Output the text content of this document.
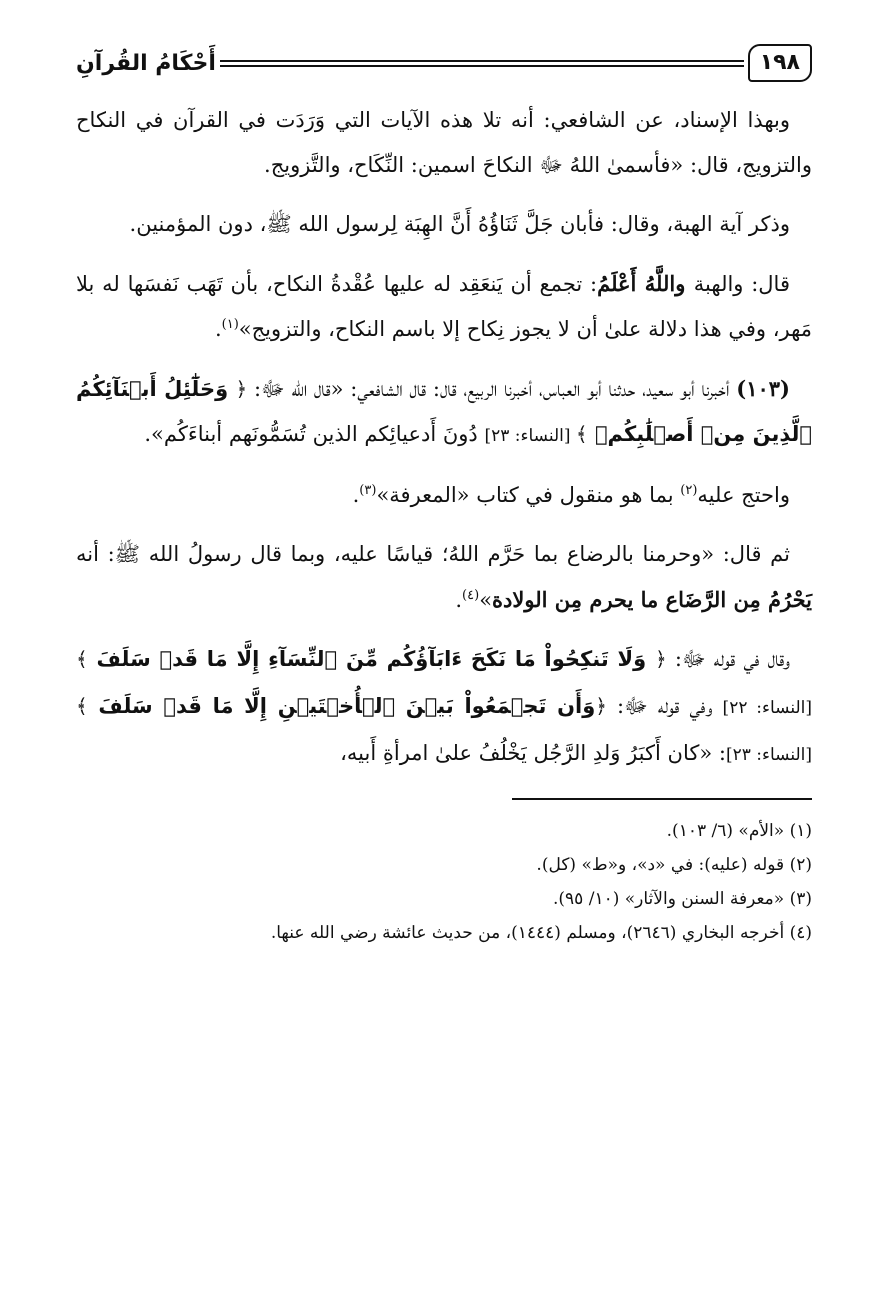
١٩٨
أَحْكَامُ القُرآنِ

وبهذا الإسناد، عن الشافعي: أنه تلا هذه الآيات التي وَرَدَت في القرآن في النكاح والتزويج، قال: «فأسمىٰ اللهُ ﷻ النكاحَ اسمين: النِّكَاح، والتَّزويج.

وذكر آية الهبة، وقال: فأبان جَلَّ ثَنَاؤُهُ أَنَّ الهِبَة لِرسول الله ﷺ، دون المؤمنين.

قال: والهبة واللَّهُ أَعْلَمُ: تجمع أن يَنعَقِد له عليها عُقْدةُ النكاح، بأن تَهَب نَفسَها له بلا مَهر، وفي هذا دلالة علىٰ أن لا يجوز نِكاح إلا باسم النكاح، والتزويج»$^{(١)}$.

(١٠٣) أخبرنا أبو سعيد، حدثنا أبو العباس، أخبرنا الربيع، قال: قال الشافعي: «قال الله ﷻ: ﴿ وَحَلَٰٓئِلُ أَبۡنَآئِكُمُ ٱلَّذِينَ مِنۡ أَصۡلَٰبِكُمۡ ﴾ [النساء: ٢٣] دُونَ أَدعيائِكم الذين تُسَمُّونَهم أبناءَكُم».

واحتج عليه$^{(٢)}$ بما هو منقول في كتاب «المعرفة»$^{(٣)}$.

ثم قال: «وحرمنا بالرضاع بما حَرَّم اللهُ؛ قياسًا عليه، وبما قال رسولُ الله ﷺ: أنه يَحْرُمُ مِن الرَّضَاع ما يحرم مِن الولادة»$^{(٤)}$.

وقال في قوله ﷻ: ﴿ وَلَا تَنكِحُواْ مَا نَكَحَ ءَابَآؤُكُم مِّنَ ٱلنِّسَآءِ إِلَّا مَا قَدۡ سَلَفَ ﴾ [النساء: ٢٢] وفي قوله ﷻ: ﴿وَأَن تَجۡمَعُواْ بَيۡنَ ٱلۡأُخۡتَيۡنِ إِلَّا مَا قَدۡ سَلَفَ ﴾ [النساء: ٢٣]: «كان أَكبَرُ وَلدِ الرَّجُل يَخْلُفُ علىٰ امرأةِ أَبيه،

(١) «الأم» (٦/ ١٠٣).

(٢) قوله (عليه): في «د»، و«ط» (كل).

(٣) «معرفة السنن والآثار» (١٠/ ٩٥).

(٤) أخرجه البخاري (٢٦٤٦)، ومسلم (١٤٤٤)، من حديث عائشة رضي الله عنها.
